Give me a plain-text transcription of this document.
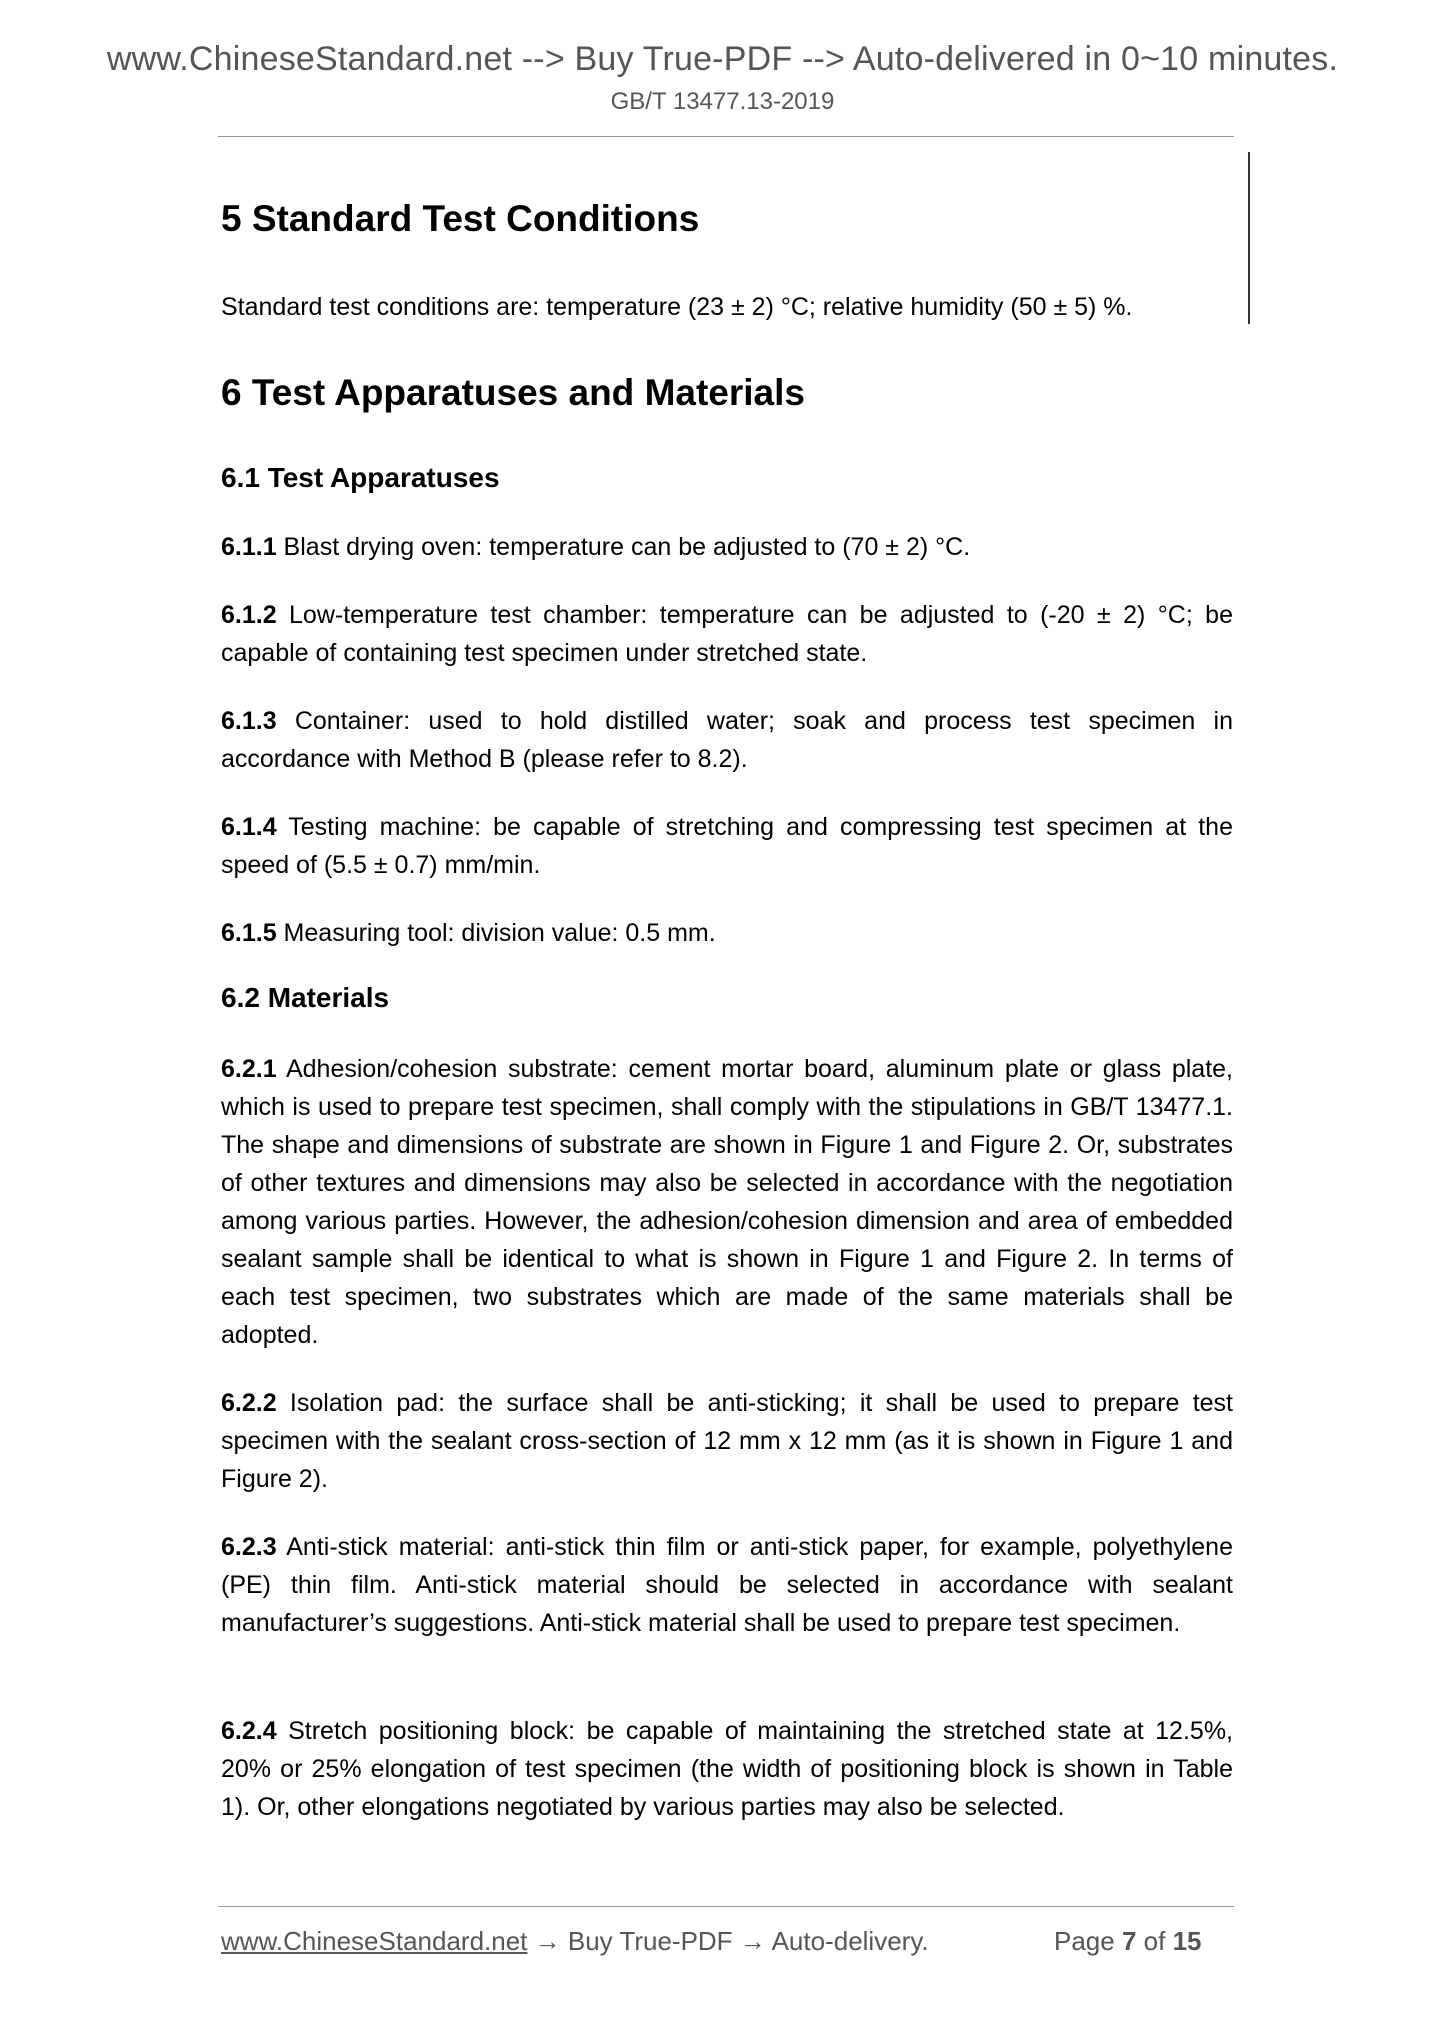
www.ChineseStandard.net --> Buy True-PDF --> Auto-delivered in 0~10 minutes.
GB/T 13477.13-2019
5 Standard Test Conditions

Standard test conditions are: temperature (23 ± 2) °C; relative humidity (50 ± 5) %.

6 Test Apparatuses and Materials
6.1 Test Apparatuses

6.1.1 Blast drying oven: temperature can be adjusted to (70 ± 2) °C.

6.1.2 Low-temperature test chamber: temperature can be adjusted to (-20 ± 2) °C; be capable of containing test specimen under stretched state.

6.1.3 Container: used to hold distilled water; soak and process test specimen in accordance with Method B (please refer to 8.2).

6.1.4 Testing machine: be capable of stretching and compressing test specimen at the speed of (5.5 ± 0.7) mm/min.

6.1.5 Measuring tool: division value: 0.5 mm.

6.2 Materials

6.2.1 Adhesion/cohesion substrate: cement mortar board, aluminum plate or glass plate, which is used to prepare test specimen, shall comply with the stipulations in GB/T 13477.1. The shape and dimensions of substrate are shown in Figure 1 and Figure 2. Or, substrates of other textures and dimensions may also be selected in accordance with the negotiation among various parties. However, the adhesion/cohesion dimension and area of embedded sealant sample shall be identical to what is shown in Figure 1 and Figure 2. In terms of each test specimen, two substrates which are made of the same materials shall be adopted.

6.2.2 Isolation pad: the surface shall be anti-sticking; it shall be used to prepare test specimen with the sealant cross-section of 12 mm x 12 mm (as it is shown in Figure 1 and Figure 2).

6.2.3 Anti-stick material: anti-stick thin film or anti-stick paper, for example, polyethylene (PE) thin film. Anti-stick material should be selected in accordance with sealant manufacturer’s suggestions. Anti-stick material shall be used to prepare test specimen.

6.2.4 Stretch positioning block: be capable of maintaining the stretched state at 12.5%, 20% or 25% elongation of test specimen (the width of positioning block is shown in Table 1). Or, other elongations negotiated by various parties may also be selected.

www.ChineseStandard.net → Buy True-PDF → Auto-delivery.	Page 7 of 15
